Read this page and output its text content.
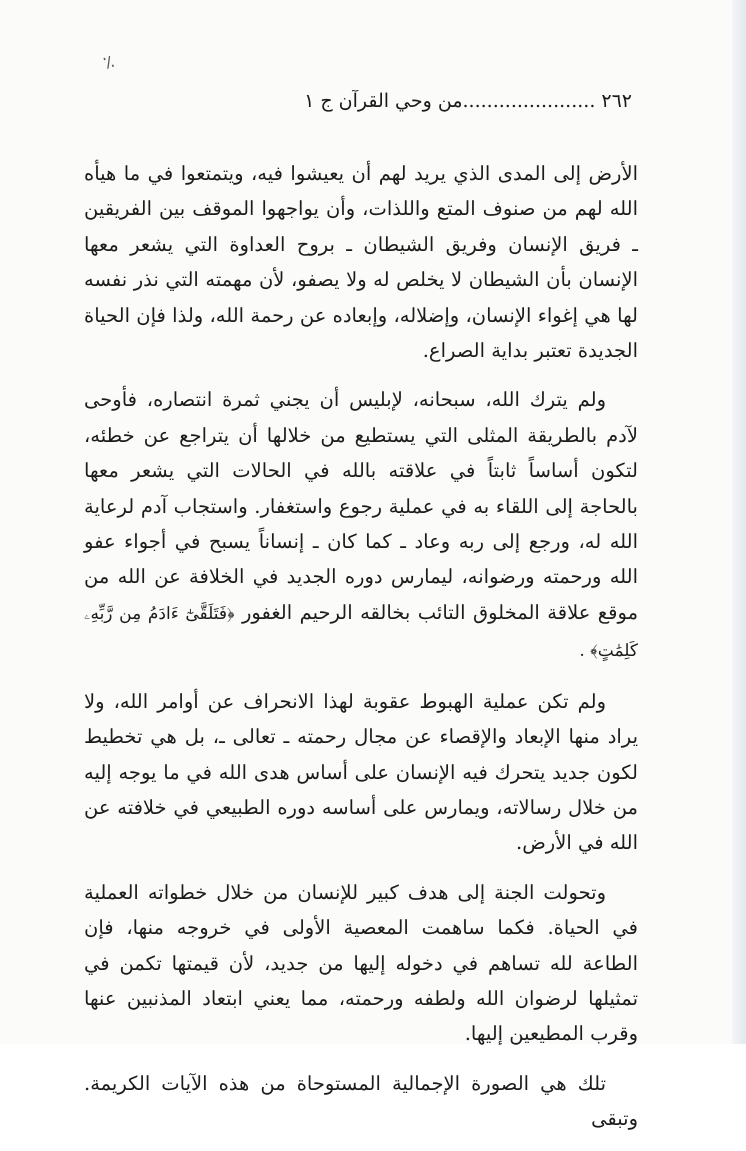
٪
٢٦٢......................من وحي القرآن ج ١

الأرض إلى المدى الذي يريد لهم أن يعيشوا فيه، ويتمتعوا في ما هيأه الله لهم من صنوف المتع واللذات، وأن يواجهوا الموقف بين الفريقين ـ فريق الإنسان وفريق الشيطان ـ بروح العداوة التي يشعر معها الإنسان بأن الشيطان لا يخلص له ولا يصفو، لأن مهمته التي نذر نفسه لها هي إغواء الإنسان، وإضلاله، وإبعاده عن رحمة الله، ولذا فإن الحياة الجديدة تعتبر بداية الصراع.

ولم يترك الله، سبحانه، لإبليس أن يجني ثمرة انتصاره، فأوحى لآدم بالطريقة المثلى التي يستطيع من خلالها أن يتراجع عن خطئه، لتكون أساساً ثابتاً في علاقته بالله في الحالات التي يشعر معها بالحاجة إلى اللقاء به في عملية رجوع واستغفار. واستجاب آدم لرعاية الله له، ورجع إلى ربه وعاد ـ كما كان ـ إنساناً يسبح في أجواء عفو الله ورحمته ورضوانه، ليمارس دوره الجديد في الخلافة عن الله من موقع علاقة المخلوق التائب بخالقه الرحيم الغفور ﴿فَتَلَقَّىٰٓ ءَادَمُ مِن رَّبِّهِۦ كَلِمَٰتٍ﴾ .

ولم تكن عملية الهبوط عقوبة لهذا الانحراف عن أوامر الله، ولا يراد منها الإبعاد والإقصاء عن مجال رحمته ـ تعالى ـ، بل هي تخطيط لكون جديد يتحرك فيه الإنسان على أساس هدى الله في ما يوجه إليه من خلال رسالاته، ويمارس على أساسه دوره الطبيعي في خلافته عن الله في الأرض.

وتحولت الجنة إلى هدف كبير للإنسان من خلال خطواته العملية في الحياة. فكما ساهمت المعصية الأولى في خروجه منها، فإن الطاعة لله تساهم في دخوله إليها من جديد، لأن قيمتها تكمن في تمثيلها لرضوان الله ولطفه ورحمته، مما يعني ابتعاد المذنبين عنها وقرب المطيعين إليها.

تلك هي الصورة الإجمالية المستوحاة من هذه الآيات الكريمة. وتبقى
